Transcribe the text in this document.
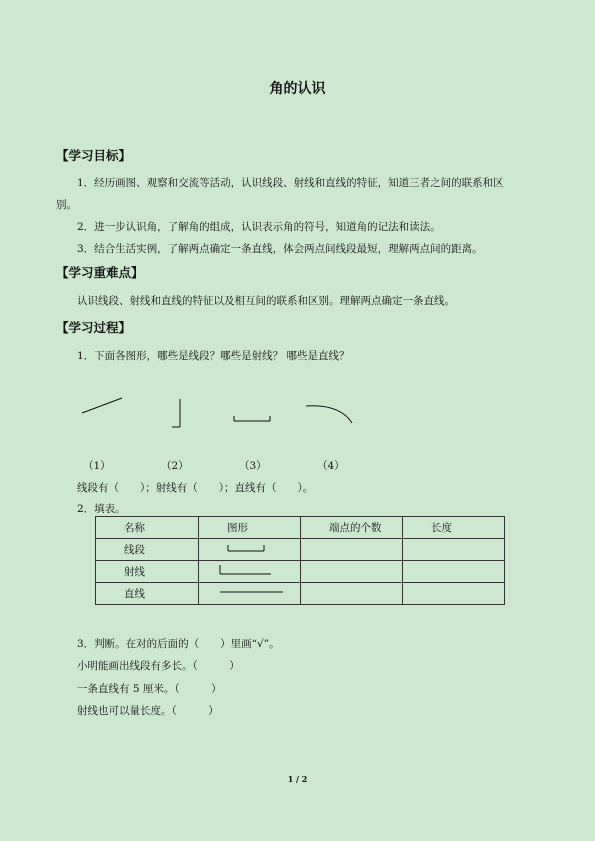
角的认识
【学习目标】
1．经历画图、观察和交流等活动，认识线段、射线和直线的特征，知道三者之间的联系和区别。
2．进一步认识角，了解角的组成，认识表示角的符号，知道角的记法和读法。
3．结合生活实例，了解两点确定一条直线，体会两点间线段最短，理解两点间的距离。
【学习重难点】
认识线段、射线和直线的特征以及相互间的联系和区别。理解两点确定一条直线。
【学习过程】
1．下面各图形，哪些是线段？哪些是射线？ 哪些是直线？
（1）	（2）	（3）	（4）
线段有（　　）；射线有（　　）；直线有（　　）。
2．填表。
名称	图形	端点的个数	长度
线段			
射线			
直线			
3．判断。在对的后面的（　　）里画“√”。
小明能画出线段有多长。（　　　）
一条直线有 5 厘米。（　　　）
射线也可以量长度。（　　　）
1 / 2
